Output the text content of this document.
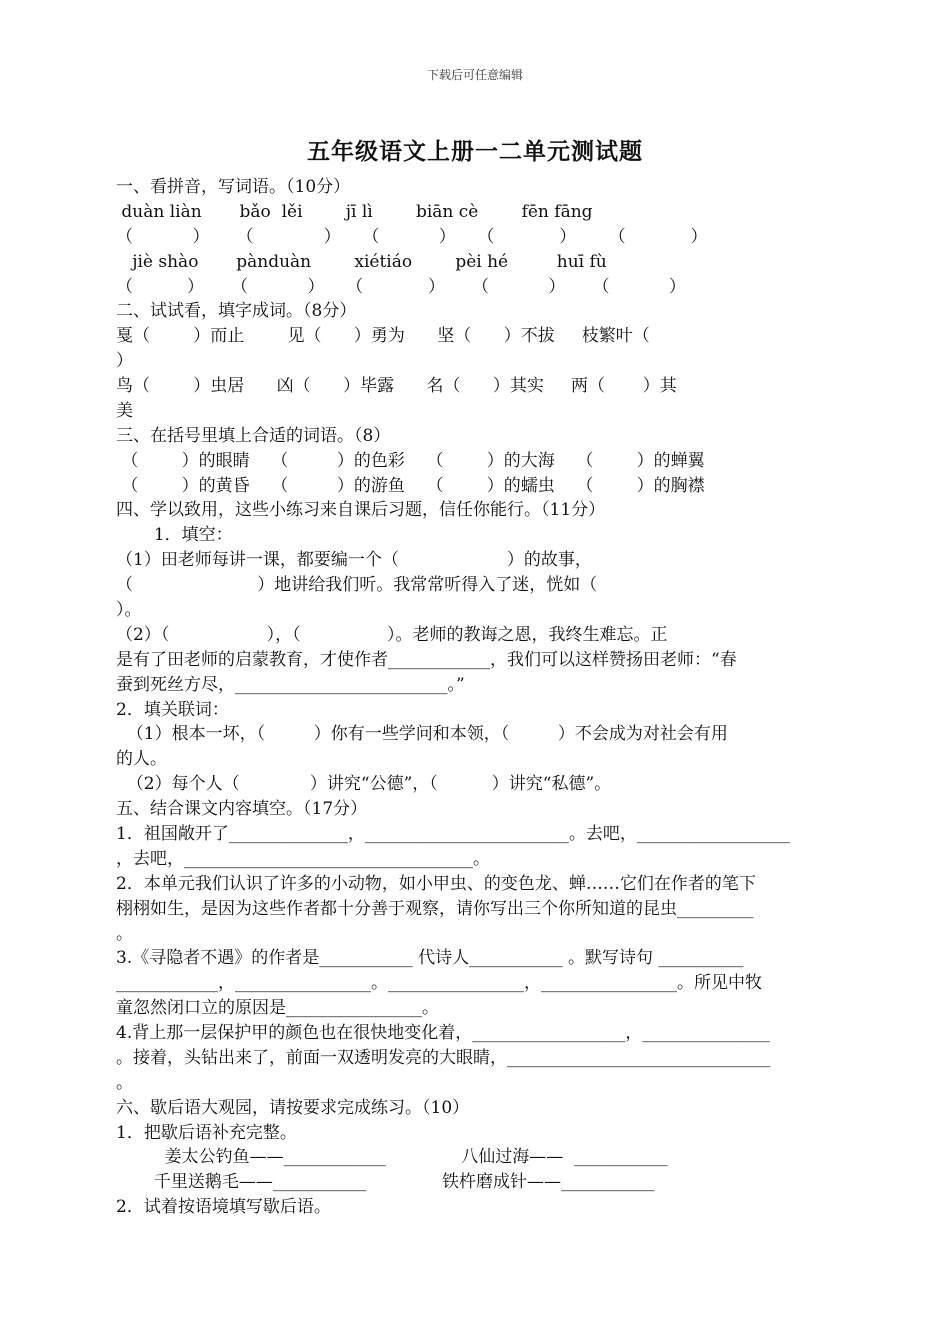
下载后可任意编辑
五年级语文上册一二单元测试题
一、看拼音，写词语。（10分）
duàn liàn       bǎo  lěi        jī lì        biān cè        fēn fāng
（           ）     （             ）    （           ）    （            ）      （            ）
jiè shào       pànduàn        xiétiáo        pèi hé         huī fù
（          ）     （           ）    （            ）     （           ）     （           ）
二、试试看，填字成词。（8分）
戛（        ）而止        见（      ）勇为      坚（      ）不拔     枝繁叶（
）
鸟（        ）虫居      凶（      ）毕露      名（      ）其实     两（       ）其
美
三、在括号里填上合适的词语。（8）
（        ）的眼睛    （         ）的色彩    （        ）的大海    （        ）的蝉翼
（        ）的黄昏    （         ）的游鱼    （        ）的蠕虫    （        ）的胸襟
四、学以致用，这些小练习来自课后习题，信任你能行。（11分）
1．填空：
（1）田老师每讲一课，都要编一个（                    ）的故事，
（                       ）地讲给我们听。我常常听得入了迷，恍如（
）。
（2）（                  ），（                ）。老师的教诲之恩，我终生难忘。正
是有了田老师的启蒙教育，才使作者____________，我们可以这样赞扬田老师：“春
蚕到死丝方尽，_________________________。”
2．填关联词：
（1）根本一坏，（         ）你有一些学问和本领，（         ）不会成为对社会有用
的人。
（2）每个人（             ）讲究“公德”，（          ）讲究“私德”。
五、结合课文内容填空。（17分）
1．祖国敞开了______________，________________________。去吧，__________________
，去吧，__________________________________。
2．本单元我们认识了许多的小动物，如小甲虫、的变色龙、蝉……它们在作者的笔下
栩栩如生，是因为这些作者都十分善于观察，请你写出三个你所知道的昆虫_________
。
3.《寻隐者不遇》的作者是___________ 代诗人___________ 。默写诗句 __________
____________，________________。________________，________________。所见中牧
童忽然闭口立的原因是________________。
4.背上那一层保护甲的颜色也在很快地变化着，__________________，_______________
。接着，头钻出来了，前面一双透明发亮的大眼睛，_______________________________
。
六、歇后语大观园，请按要求完成练习。（10）
1．把歇后语补充完整。
姜太公钓鱼——____________              八仙过海——  ___________
千里送鹅毛——___________              铁杵磨成针——___________
2．试着按语境填写歇后语。
